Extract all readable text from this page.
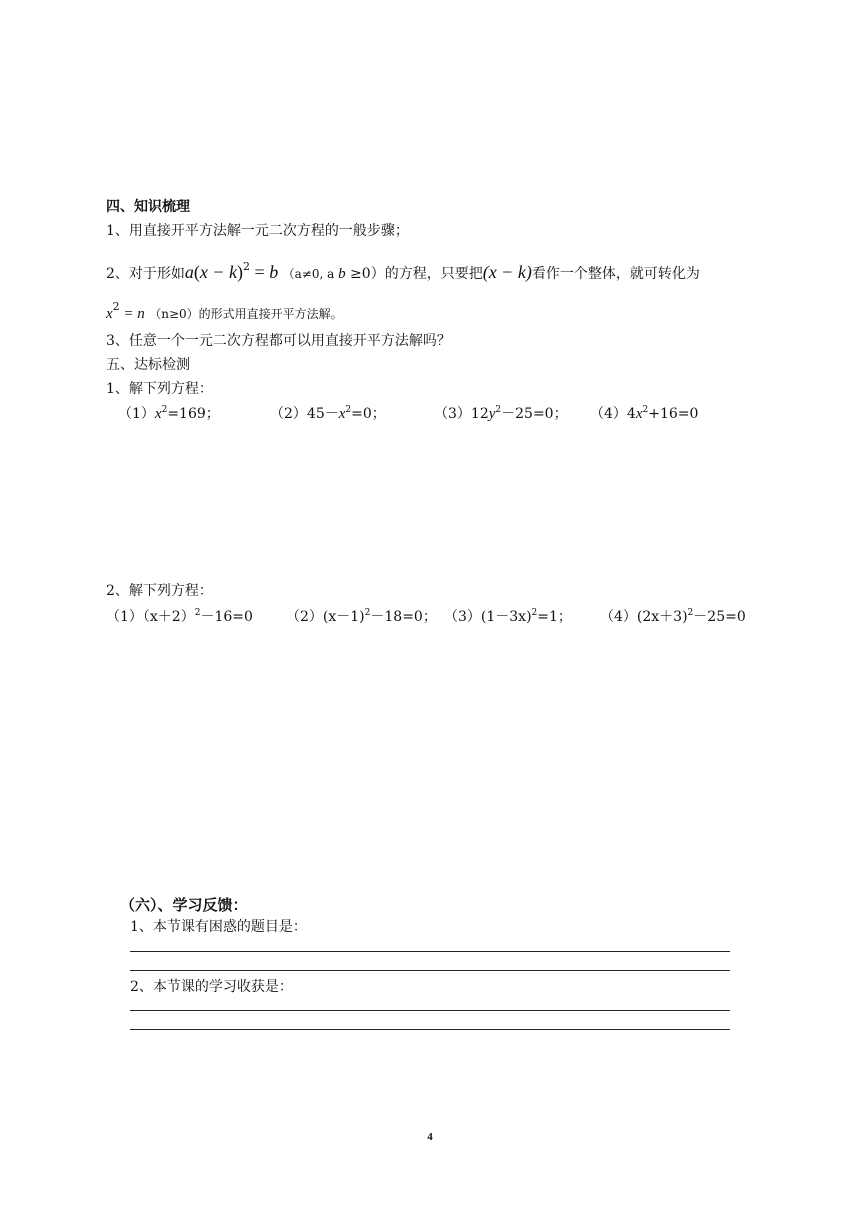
四、知识梳理
1、用直接开平方法解一元二次方程的一般步骤；
2、对于形如$a(x - k)^2 = b$ （a≠0, a b ≥0）的方程，只要把(x − k)看作一个整体，就可转化为
$x^2 = n$ （n≥0）的形式用直接开平方法解。
3、任意一个一元二次方程都可以用直接开平方法解吗？
五、达标检测
1、解下列方程：
$(1)x^2=169$；	$(2)45-x^2=0$；	$(3)12y^2-25=0$； $(4)4x^2+16=0$
2、解下列方程：
$(1)(x+2)^2-16=0$ $(2)(x-1)^2-18=0$； $(3)(1-3x)^2=1$； $(4)(2x+3)^2-25=0$
（六）、学习反馈：
1、本节课有困惑的题目是：
2、本节课的学习收获是：
4
